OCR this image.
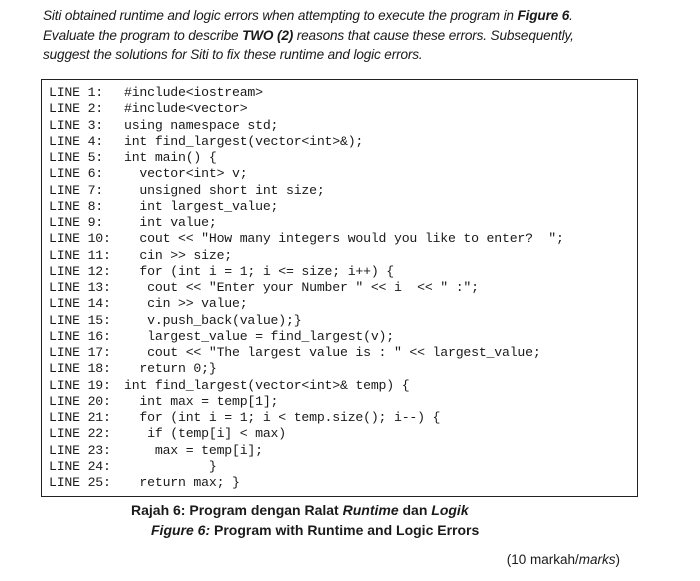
Siti obtained runtime and logic errors when attempting to execute the program in Figure 6.
Evaluate the program to describe TWO (2) reasons that cause these errors. Subsequently,
suggest the solutions for Siti to fix these runtime and logic errors.
LINE 1: #include<iostream>
LINE 2: #include<vector>
LINE 3: using namespace std;
LINE 4: int find_largest(vector<int>&);
LINE 5: int main() {
LINE 6:  vector<int> v;
LINE 7:  unsigned short int size;
LINE 8:  int largest_value;
LINE 9:  int value;
LINE 10:  cout << "How many integers would you like to enter?  ";
LINE 11:  cin >> size;
LINE 12:  for (int i = 1; i <= size; i++) {
LINE 13:   cout << "Enter your Number " << i  << " :";
LINE 14:   cin >> value;
LINE 15:   v.push_back(value);}
LINE 16:   largest_value = find_largest(v);
LINE 17:   cout << "The largest value is : " << largest_value;
LINE 18:  return 0;}
LINE 19: int find_largest(vector<int>& temp) {
LINE 20:  int max = temp[1];
LINE 21:  for (int i = 1; i < temp.size(); i--) {
LINE 22:   if (temp[i] < max)
LINE 23:    max = temp[i];
LINE 24:           }
LINE 25:  return max; }
Rajah 6: Program dengan Ralat Runtime dan Logik
Figure 6: Program with Runtime and Logic Errors
(10 markah/marks)
